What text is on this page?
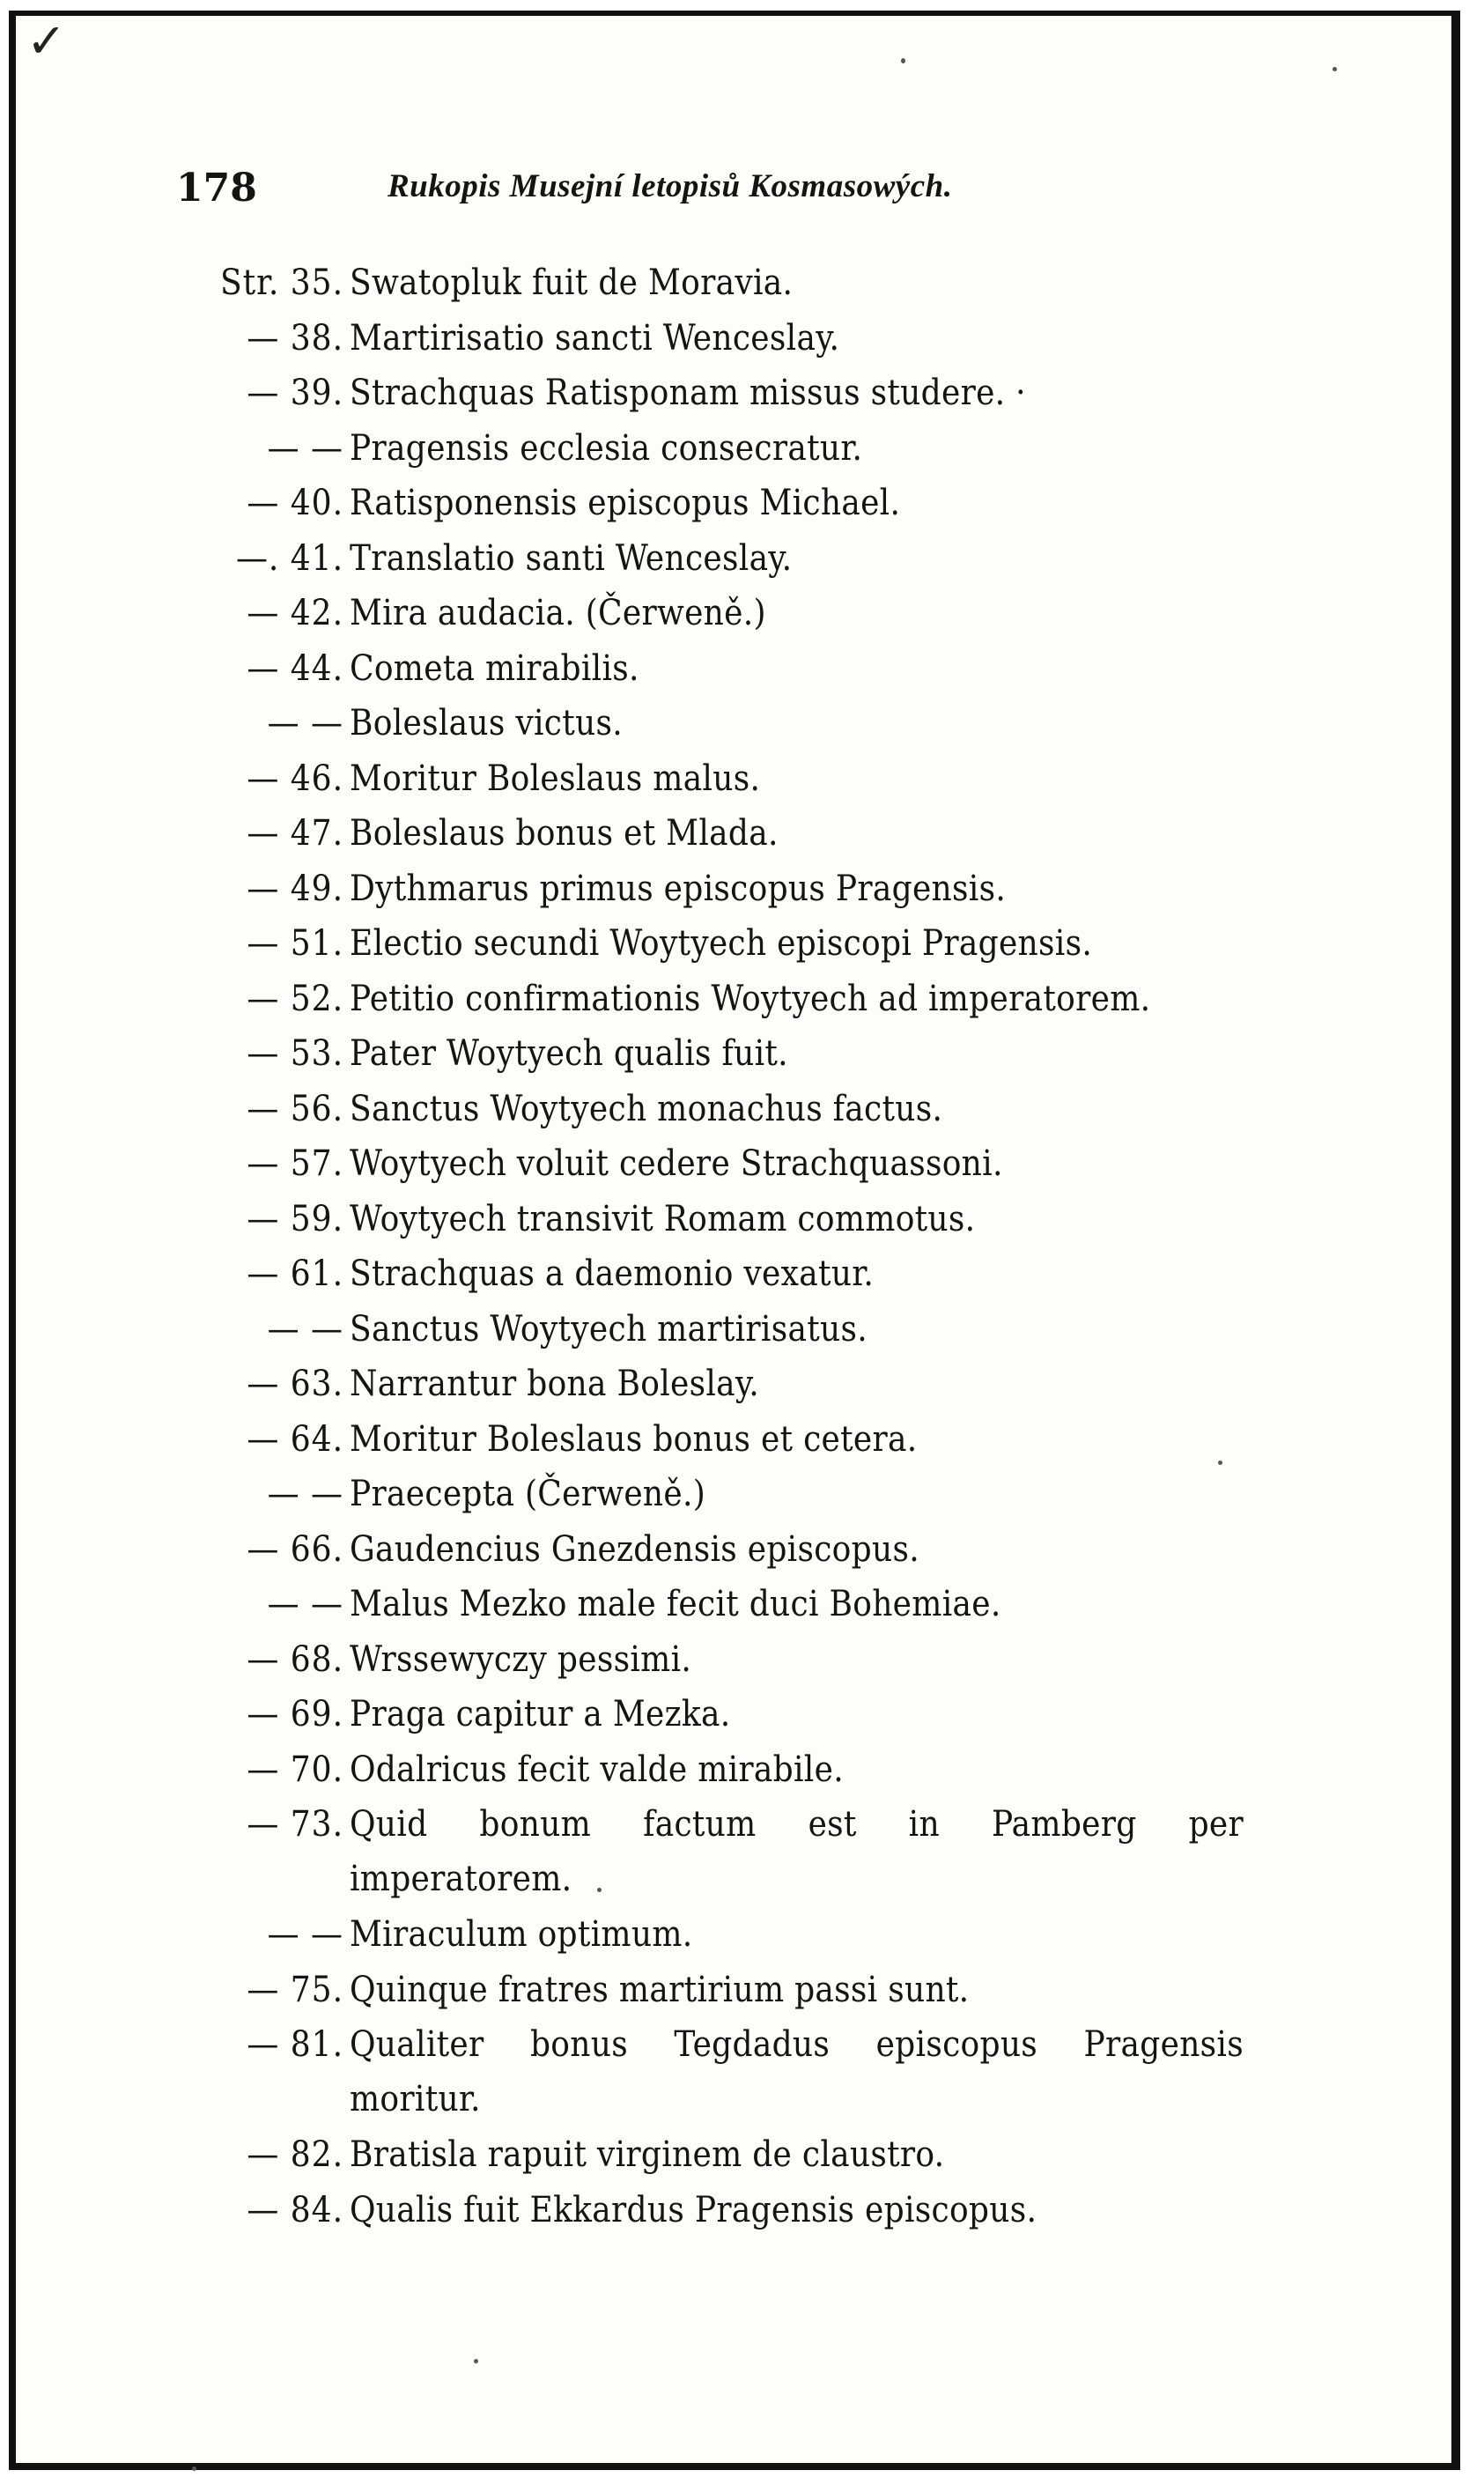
✓
178	Rukopis Musejní letopisů Kosmasowých.
Str. 35. Swatopluk fuit de Moravia.
— 38. Martirisatio sancti Wenceslay.
— 39. Strachquas Ratisponam missus studere. ·
— — Pragensis ecclesia consecratur.
— 40. Ratisponensis episcopus Michael.
—. 41. Translatio santi Wenceslay.
— 42. Mira audacia. (Čerweně.)
— 44. Cometa mirabilis.
— — Boleslaus victus.
— 46. Moritur Boleslaus malus.
— 47. Boleslaus bonus et Mlada.
— 49. Dythmarus primus episcopus Pragensis.
— 51. Electio secundi Woytyech episcopi Pragensis.
— 52. Petitio confirmationis Woytyech ad imperatorem.
— 53. Pater Woytyech qualis fuit.
— 56. Sanctus Woytyech monachus factus.
— 57. Woytyech voluit cedere Strachquassoni.
— 59. Woytyech transivit Romam commotus.
— 61. Strachquas a daemonio vexatur.
— — Sanctus Woytyech martirisatus.
— 63. Narrantur bona Boleslay.
— 64. Moritur Boleslaus bonus et cetera.
— — Praecepta (Čerweně.)
— 66. Gaudencius Gnezdensis episcopus.
— — Malus Mezko male fecit duci Bohemiae.
— 68. Wrssewyczy pessimi.
— 69. Praga capitur a Mezka.
— 70. Odalricus fecit valde mirabile.
— 73. Quid bonum factum est in Pamberg per imperatorem.
— — Miraculum optimum.
— 75. Quinque fratres martirium passi sunt.
— 81. Qualiter bonus Tegdadus episcopus Pragensis moritur.
— 82. Bratisla rapuit virginem de claustro.
— 84. Qualis fuit Ekkardus Pragensis episcopus.
